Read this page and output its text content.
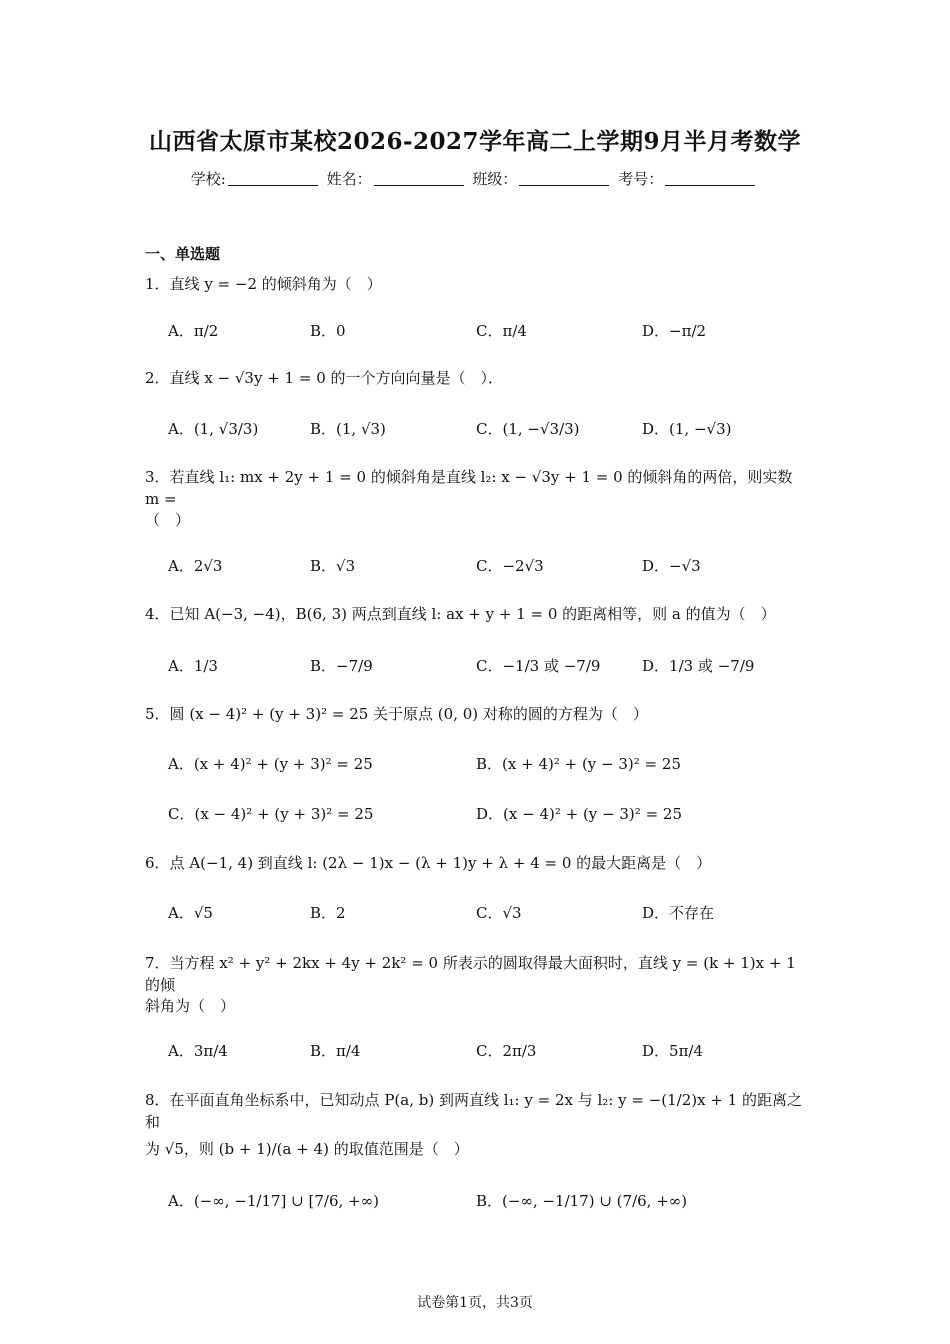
山西省太原市某校2026-2027学年高二上学期9月半月考数学
学校:	姓名：	班级：	考号：
一、单选题
1．直线 y = −2 的倾斜角为（　）
A．π/2	B．0	C．π/4	D．−π/2
2．直线 x − √3y + 1 = 0 的一个方向向量是（　）．
A．(1, √3/3)	B．(1, √3)	C．(1, −√3/3)	D．(1, −√3)
3．若直线 l₁: mx + 2y + 1 = 0 的倾斜角是直线 l₂: x − √3y + 1 = 0 的倾斜角的两倍，则实数 m =
（　）
A．2√3	B．√3	C．−2√3	D．−√3
4．已知 A(−3, −4)，B(6, 3) 两点到直线 l: ax + y + 1 = 0 的距离相等，则 a 的值为（　）
A．1/3	B．−7/9	C．−1/3 或 −7/9	D．1/3 或 −7/9
5．圆 (x − 4)² + (y + 3)² = 25 关于原点 (0, 0) 对称的圆的方程为（　）
A．(x + 4)² + (y + 3)² = 25	B．(x + 4)² + (y − 3)² = 25
C．(x − 4)² + (y + 3)² = 25	D．(x − 4)² + (y − 3)² = 25
6．点 A(−1, 4) 到直线 l: (2λ − 1)x − (λ + 1)y + λ + 4 = 0 的最大距离是（　）
A．√5	B．2	C．√3	D．不存在
7．当方程 x² + y² + 2kx + 4y + 2k² = 0 所表示的圆取得最大面积时，直线 y = (k + 1)x + 1 的倾
斜角为（　）
A．3π/4	B．π/4	C．2π/3	D．5π/4
8．在平面直角坐标系中，已知动点 P(a, b) 到两直线 l₁: y = 2x 与 l₂: y = −(1/2)x + 1 的距离之和
为 √5，则 (b + 1)/(a + 4) 的取值范围是（　）
A．(−∞, −1/17] ∪ [7/6, +∞)	B．(−∞, −1/17) ∪ (7/6, +∞)
试卷第1页，共3页
